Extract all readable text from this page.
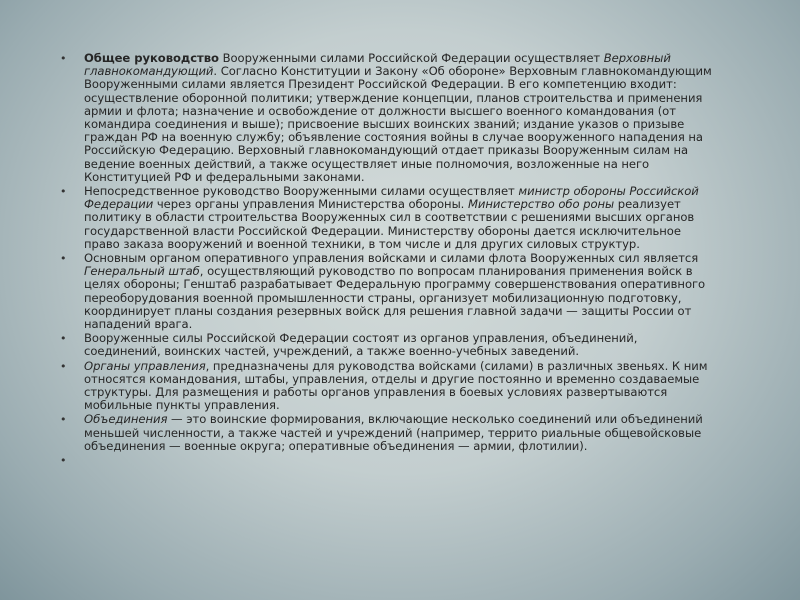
• Общее руководство Вооруженными силами Российской Федерации осуществляет Верховный главнокомандующий. Согласно Конституции и Закону «Об обороне» Верховным главнокомандующим Вооруженными силами является Президент Российской Федерации. В его компетенцию входит: осуществление оборонной политики; утверждение концепции, планов строительства и применения армии и флота; назначение и освобождение от должности высшего военного командования (от командира соединения и выше); присвоение высших воинских званий; издание указов о призыве граждан РФ на военную службу; объявление состояния войны в случае вооруженного нападения на Российскую Федерацию. Верховный главнокомандующий отдает приказы Вооруженным силам на ведение военных действий, а также осуществляет иные полномочия, возложенные на него Конституцией РФ и федеральными законами.
• Непосредственное руководство Вооруженными силами осуществляет министр обороны Российской Федерации через органы управления Министерства обороны. Министерство обо роны реализует политику в области строительства Вооруженных сил в соответствии с решениями высших органов государственной власти Российской Федерации. Министерству обороны дается исключительное право заказа вооружений и военной техники, в том числе и для других силовых структур.
• Основным органом оперативного управления войсками и силами флота Вооруженных сил является Генеральный штаб, осуществляющий руководство по вопросам планирования применения войск в целях обороны; Генштаб разрабатывает Федеральную программу совершенствования оперативного переоборудования военной промышленности страны, организует мобилизационную подготовку, координирует планы создания резервных войск для решения главной задачи — защиты России от нападений врага.
• Вооруженные силы Российской Федерации состоят из органов управления, объединений, соединений, воинских частей, учреждений, а также военно-учебных заведений.
• Органы управления, предназначены для руководства войсками (силами) в различных звеньях. К ним относятся командования, штабы, управления, отделы и другие постоянно и временно создаваемые структуры. Для размещения и работы органов управления в боевых условиях развертываются мобильные пункты управления.
• Объединения — это воинские формирования, включающие несколько соединений или объединений меньшей численности, а также частей и учреждений (например, террито риальные общевойсковые объединения — военные округа; оперативные объединения — армии, флотилии).
•
